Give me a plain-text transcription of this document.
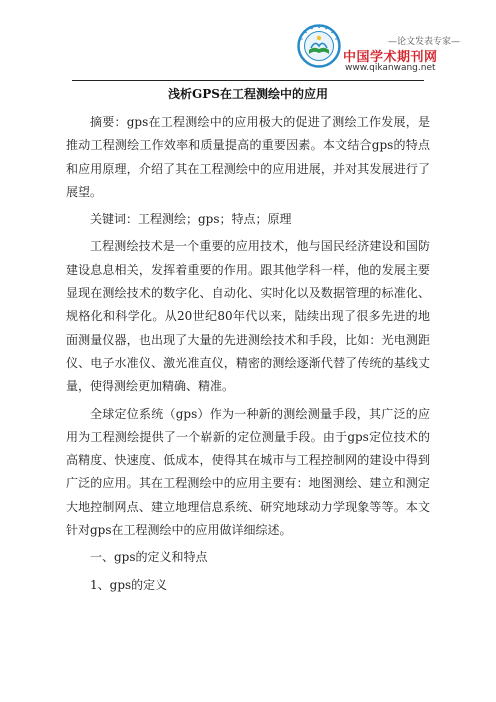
—论文发表专家—
中国学术期刊网
www.qikanwang.net
浅析GPS在工程测绘中的应用

摘要：gps在工程测绘中的应用极大的促进了测绘工作发展，是推动工程测绘工作效率和质量提高的重要因素。本文结合gps的特点和应用原理，介绍了其在工程测绘中的应用进展，并对其发展进行了展望。

关键词：工程测绘；gps；特点；原理

工程测绘技术是一个重要的应用技术，他与国民经济建设和国防建设息息相关，发挥着重要的作用。跟其他学科一样，他的发展主要显现在测绘技术的数字化、自动化、实时化以及数据管理的标准化、规格化和科学化。从20世纪80年代以来，陆续出现了很多先进的地面测量仪器，也出现了大量的先进测绘技术和手段，比如：光电测距仪、电子水准仪、激光准直仪，精密的测绘逐渐代替了传统的基线丈量，使得测绘更加精确、精准。

全球定位系统（gps）作为一种新的测绘测量手段，其广泛的应用为工程测绘提供了一个崭新的定位测量手段。由于gps定位技术的高精度、快速度、低成本，使得其在城市与工程控制网的建设中得到广泛的应用。其在工程测绘中的应用主要有：地图测绘、建立和测定大地控制网点、建立地理信息系统、研究地球动力学现象等等。本文针对gps在工程测绘中的应用做详细综述。

一、gps的定义和特点

1、gps的定义
